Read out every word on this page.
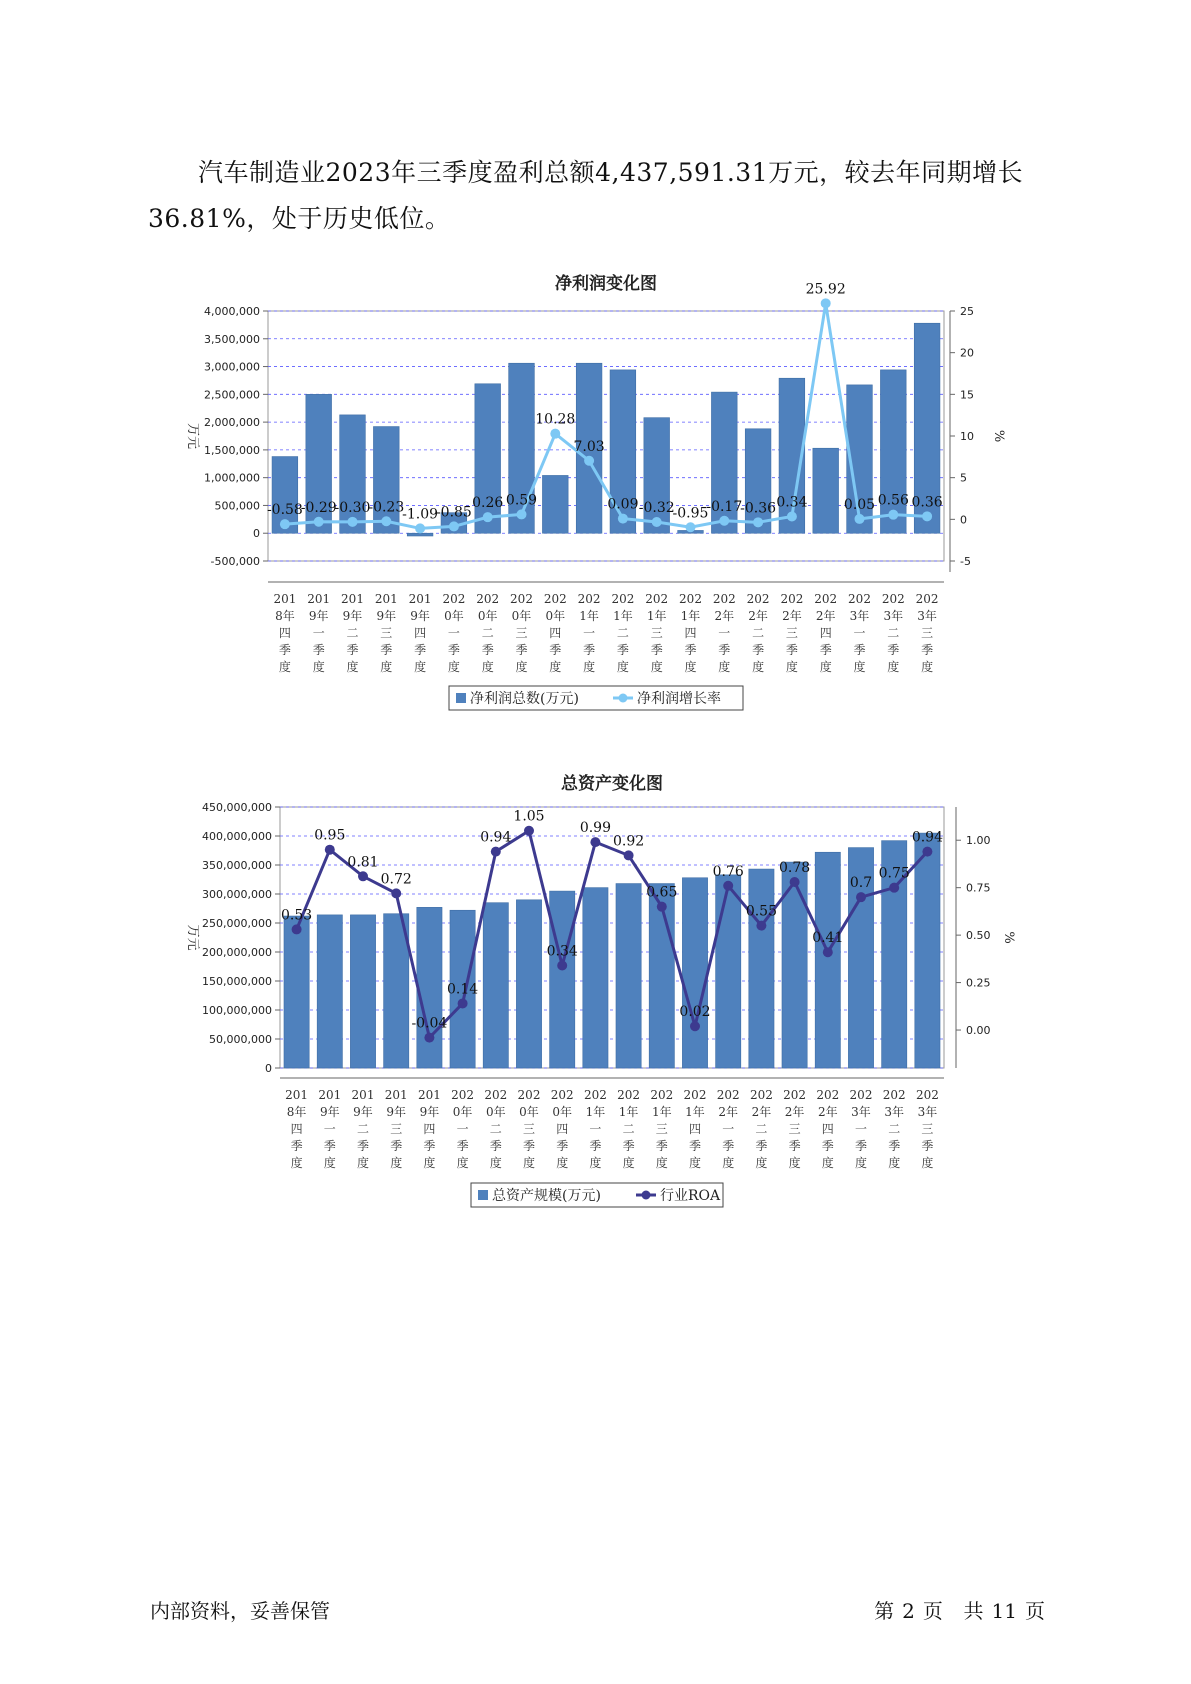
汽车制造业2023年三季度盈利总额4,437,591.31万元，较去年同期增长36.81%，处于历史低位。

净利润变化图
4,000,000
3,500,000
3,000,000
2,500,000
2,000,000
1,500,000
1,000,000
500,000
0
-500,000
25
20
15
10
5
0
-5
万元	%
201 8年四季度
201 9年一季度
201 9年二季度
201 9年三季度
201 9年四季度
202 0年一季度
202 0年二季度
202 0年三季度
202 0年四季度
202 1年一季度
202 1年二季度
202 1年三季度
202 1年四季度
202 2年一季度
202 2年二季度
202 2年三季度
202 2年四季度
202 3年一季度
202 3年二季度
202 3年三季度
-0.58
-0.29
-0.30
-0.23
-1.09
-0.85
0.26 0.59
10.28
7.03
0.09 -0.32
-0.95
-0.17
-0.36 0.34
25.92
0.05 0.56 0.36
净利润总数(万元)	净利润增长率
总资产变化图
450,000,000
400,000,000
350,000,000
300,000,000
250,000,000
200,000,000
150,000,000
100,000,000
50,000,000
0
1.00
0.75
0.50
0.25
0.00
万元	%
201 8年四季度
201 9年一季度
201 9年二季度
201 9年三季度
201 9年四季度
202 0年一季度
202 0年二季度
202 0年三季度
202 0年四季度
202 1年一季度
202 1年二季度
202 1年三季度
202 1年四季度
202 2年一季度
202 2年二季度
202 2年三季度
202 2年四季度
202 3年一季度
202 3年二季度
202 3年三季度
0.53
0.95
0.81
0.72
-0.04
0.14
0.94
1.05
0.34
0.99
0.92
0.65
0.02
0.76
0.55
0.78
0.41
0.7
0.75
0.94
总资产规模(万元)	行业ROA
内部资料，妥善保管	第 2 页 共 11 页
